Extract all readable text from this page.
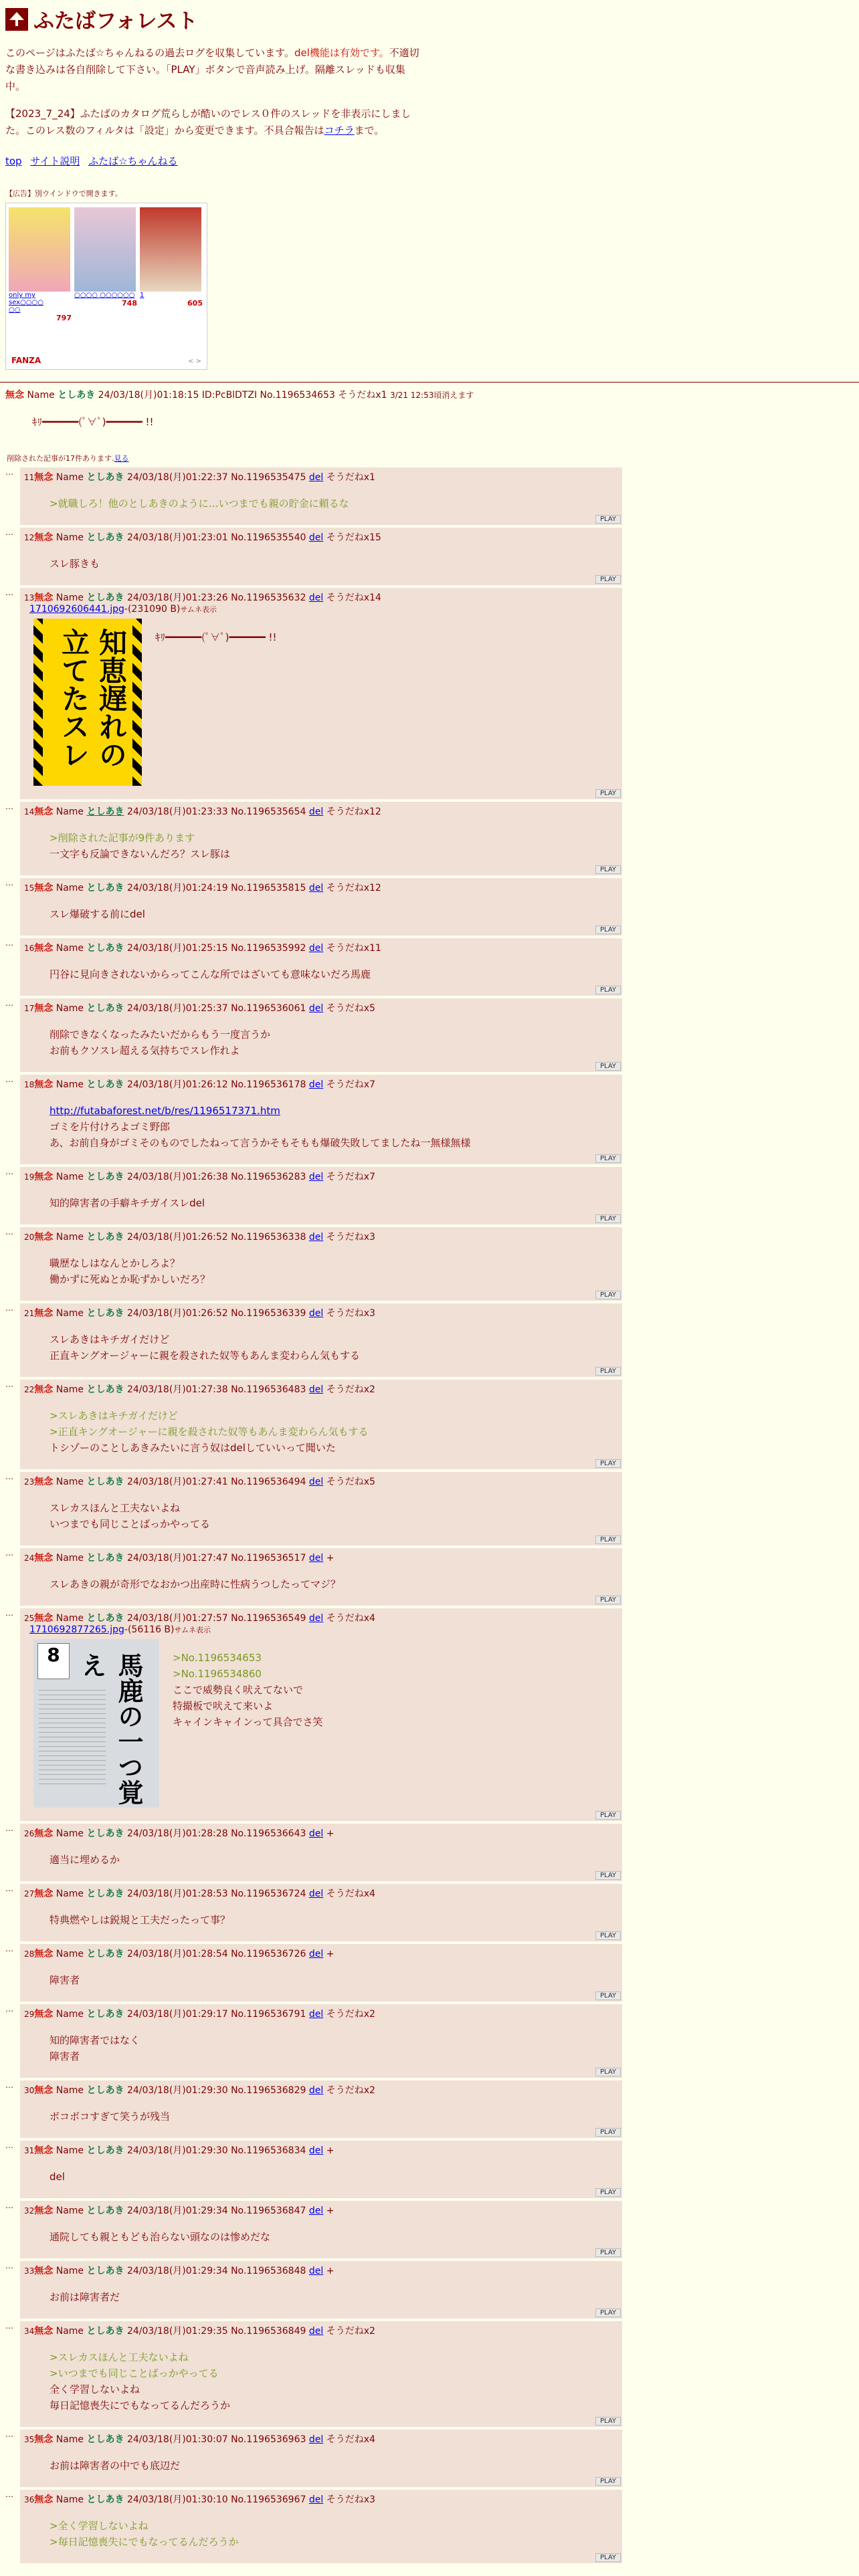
ふたばフォレスト

このページはふたば☆ちゃんねるの過去ログを収集しています。del機能は有効です。不適切な書き込みは各自削除して下さい。「PLAY」ボタンで音声読み上げ。隔離スレッドも収集中。

【2023_7_24】ふたばのカタログ荒らしが酷いのでレス０件のスレッドを非表示にしました。このレス数のフィルタは「設定」から変更できます。不具合報告はコチラまで。

top サイト説明 ふたば☆ちゃんねる
【広告】別ウインドウで開きます。
only my sex○○○○
○○
797
○○○○ ○○○○○○
748
1
605
FANZA	< >
無念 Name としあき 24/03/18(月)01:18:15 ID:PcBlDTZI No.1196534653 そうだねx1 3/21 12:53頃消えます
ｷﾘ━━━━━━(ﾟ∀ﾟ)━━━━━━ !!
削除された記事が17件あります.見る
…
11無念 Name としあき 24/03/18(月)01:22:37 No.1196535475 del そうだねx1
>就職しろ！他のとしあきのように…いつまでも親の貯金に頼るな
PLAY
…
12無念 Name としあき 24/03/18(月)01:23:01 No.1196535540 del そうだねx15
スレ豚きも
PLAY
…
13無念 Name としあき 24/03/18(月)01:23:26 No.1196535632 del そうだねx14
1710692606441.jpg-(231090 B)サムネ表示
知恵遅れの立てたスレ	ｷﾘ━━━━━━(ﾟ∀ﾟ)━━━━━━ !!
PLAY
…
14無念 Name としあき 24/03/18(月)01:23:33 No.1196535654 del そうだねx12
>削除された記事が9件あります
一文字も反論できないんだろ？スレ豚は
PLAY
…
15無念 Name としあき 24/03/18(月)01:24:19 No.1196535815 del そうだねx12
スレ爆破する前にdel
PLAY
…
16無念 Name としあき 24/03/18(月)01:25:15 No.1196535992 del そうだねx11
円谷に見向きされないからってこんな所ではざいても意味ないだろ馬鹿
PLAY
…
17無念 Name としあき 24/03/18(月)01:25:37 No.1196536061 del そうだねx5
削除できなくなったみたいだからもう一度言うか
お前もクソスレ超える気持ちでスレ作れよ
PLAY
…
18無念 Name としあき 24/03/18(月)01:26:12 No.1196536178 del そうだねx7
http://futabaforest.net/b/res/1196517371.htm
ゴミを片付けろよゴミ野郎
あ、お前自身がゴミそのものでしたねって言うかそもそもも爆破失敗してましたね一無様無様
PLAY
…
19無念 Name としあき 24/03/18(月)01:26:38 No.1196536283 del そうだねx7
知的障害者の手癖キチガイスレdel
PLAY
…
20無念 Name としあき 24/03/18(月)01:26:52 No.1196536338 del そうだねx3
職歴なしはなんとかしろよ？
働かずに死ぬとか恥ずかしいだろ？
PLAY
…
21無念 Name としあき 24/03/18(月)01:26:52 No.1196536339 del そうだねx3
スレあきはキチガイだけど
正直キングオージャーに親を殺された奴等もあんま変わらん気もする
PLAY
…
22無念 Name としあき 24/03/18(月)01:27:38 No.1196536483 del そうだねx2
>スレあきはキチガイだけど
>正直キングオージャーに親を殺された奴等もあんま変わらん気もする
トシゾーのことしあきみたいに言う奴はdelしていいって聞いた
PLAY
…
23無念 Name としあき 24/03/18(月)01:27:41 No.1196536494 del そうだねx5
スレカスほんと工夫ないよね
いつまでも同じことばっかやってる
PLAY
…
24無念 Name としあき 24/03/18(月)01:27:47 No.1196536517 del +
スレあきの親が奇形でなおかつ出産時に性病うつしたってマジ？
PLAY
…
25無念 Name としあき 24/03/18(月)01:27:57 No.1196536549 del そうだねx4
1710692877265.jpg-(56116 B)サムネ表示
8	馬鹿の一つ覚え	>No.1196534653
>No.1196534860
ここで威勢良く吠えてないで
特撮板で吠えて来いよ
キャインキャインって具合でさ笑
PLAY
…
26無念 Name としあき 24/03/18(月)01:28:28 No.1196536643 del +
適当に埋めるか
PLAY
…
27無念 Name としあき 24/03/18(月)01:28:53 No.1196536724 del そうだねx4
特典燃やしは鋭規と工夫だったって事？
PLAY
…
28無念 Name としあき 24/03/18(月)01:28:54 No.1196536726 del +
障害者
PLAY
…
29無念 Name としあき 24/03/18(月)01:29:17 No.1196536791 del そうだねx2
知的障害者ではなく
障害者
PLAY
…
30無念 Name としあき 24/03/18(月)01:29:30 No.1196536829 del そうだねx2
ボコボコすぎて笑うが残当
PLAY
…
31無念 Name としあき 24/03/18(月)01:29:30 No.1196536834 del +
del
PLAY
…
32無念 Name としあき 24/03/18(月)01:29:34 No.1196536847 del +
通院しても親ともども治らない頭なのは惨めだな
PLAY
…
33無念 Name としあき 24/03/18(月)01:29:34 No.1196536848 del +
お前は障害者だ
PLAY
…
34無念 Name としあき 24/03/18(月)01:29:35 No.1196536849 del そうだねx2
>スレカスほんと工夫ないよね
>いつまでも同じことばっかやってる
全く学習しないよね
毎日記憶喪失にでもなってるんだろうか
PLAY
…
35無念 Name としあき 24/03/18(月)01:30:07 No.1196536963 del そうだねx4
お前は障害者の中でも底辺だ
PLAY
…
36無念 Name としあき 24/03/18(月)01:30:10 No.1196536967 del そうだねx3
>全く学習しないよね
>毎日記憶喪失にでもなってるんだろうか
PLAY
